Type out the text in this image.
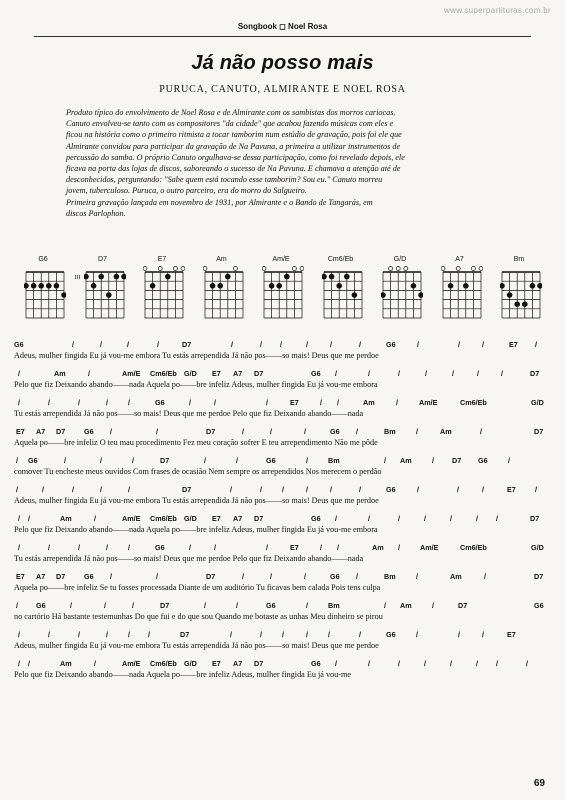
www.superpartituras.com.br
Songbook ◻ Noel Rosa
Já não posso mais
PURUCA, CANUTO, ALMIRANTE E NOEL ROSA

Produto típico do envolvimento de Noel Rosa e de Almirante com os sambistas dos morros cariocas.

Canuto envolveu-se tanto com os compositores "da cidade" que acabou fazendo músicas com eles e

ficou na história como o primeiro ritmista a tocar tamborim num estúdio de gravação, pois foi ele que

Almirante convidou para participar da gravação de Na Pavuna, a primeira a utilizar instrumentos de

percussão do samba. O próprio Canuto orgulhava-se dessa participação, como foi revelado depois, ele

ficava na porta das lojas de discos, saboreando o sucesso de Na Pavuna. E chamava a atenção até de

desconhecidos, perguntando: "Sabe quem está tocando esse tamborim? Sou eu." Canuto morreu

jovem, tuberculoso. Puruca, o outro parceiro, era do morro do Salgueiro.

Primeira gravação lançada em novembro de 1931, por Almirante e o Bando de Tangarás, em

discos Parlophon.

G6	D7
III
E7	Am	Am/E	Cm6/Eb	G/D	A7	Bm
G6	/	/	/	/	D7	/	/	/	/	/	/	G6	/	/	/	E7 /
Adeus, mulher fingida Eu já vou-me embora Tu estás arrependida Já não pos——so mais! Deus que me perdoe
/	Am	/	Am/E Cm6/Eb G/D E7 A7 D7	G6 /	/	/	/	/	/	/	D7
Pelo que fiz Deixando abando——nada Aquela po——bre infeliz Adeus, mulher fingida Eu já vou-me embora
/	/	/	/	/	G6	/	/	/	E7	/ /	Am	/	Am/E	Cm6/Eb	G/D
Tu estás arrependida Já não pos——so mais! Deus que me perdoe Pelo que fiz Deixando abando——nada
E7 A7 D7	G6 /	/	D7	/	/	/	G6 /	Bm	/	Am	/	D7
Aquela po——bre infeliz O teu mau procedimento Fez meu coração sofrer E teu arrependimento Não me pôde
/ G6	/	/	/	D7	/	/	G6	/	Bm	/ Am	/	D7 G6	/
comover Tu encheste meus ouvidos Com frases de ocasião Nem sempre os arrependidos Nos merecem o perdão
/	/	/	/	/	D7	/	/	/	/	/	/	G6	/	/	/	E7	/
Adeus, mulher fingida Eu já vou-me embora Tu estás arrependida Já não pos——so mais! Deus que me perdoe
/ /	Am	/	Am/E Cm6/Eb G/D E7 A7 D7	G6 /	/	/	/	/	/	/	D7
Pelo que fiz Deixando abando——nada Aquela po——bre infeliz Adeus, mulher fingida Eu já vou-me embora
/	/	/	/	/	G6	/	/	/	E7	/ /	Am /	Am/E	Cm6/Eb	G/D
Tu estás arrependida Já não pos——so mais! Deus que me perdoe Pelo que fiz Deixando abando——nada
E7 A7 D7	G6 /	/	D7	/	/	/	G6 /	Bm	/	Am	/	D7
Aquela po——bre infeliz Se tu fosses processada Diante de um auditório Tu ficavas bem calada Pois tens culpa
/	G6	/	/	/	D7	/	/	G6	/	Bm	/ Am	/	D7	G6
no cartório Há bastante testemunhas Do que fui e do que sou Quando me botaste as unhas Meu dinheiro se pirou
/	/	/	/	/	/	D7	/	/	/	/	/	/	G6	/	/	/	E7
Adeus, mulher fingida Eu já vou-me embora Tu estás arrependida Já não pos——so mais! Deus que me perdoe
/ /	Am	/	Am/E Cm6/Eb G/D E7 A7 D7	G6 /	/	/	/	/	/	/	/
Pelo que fiz Deixando abando——nada Aquela po——bre infeliz Adeus, mulher fingida Eu já vou-me
69
